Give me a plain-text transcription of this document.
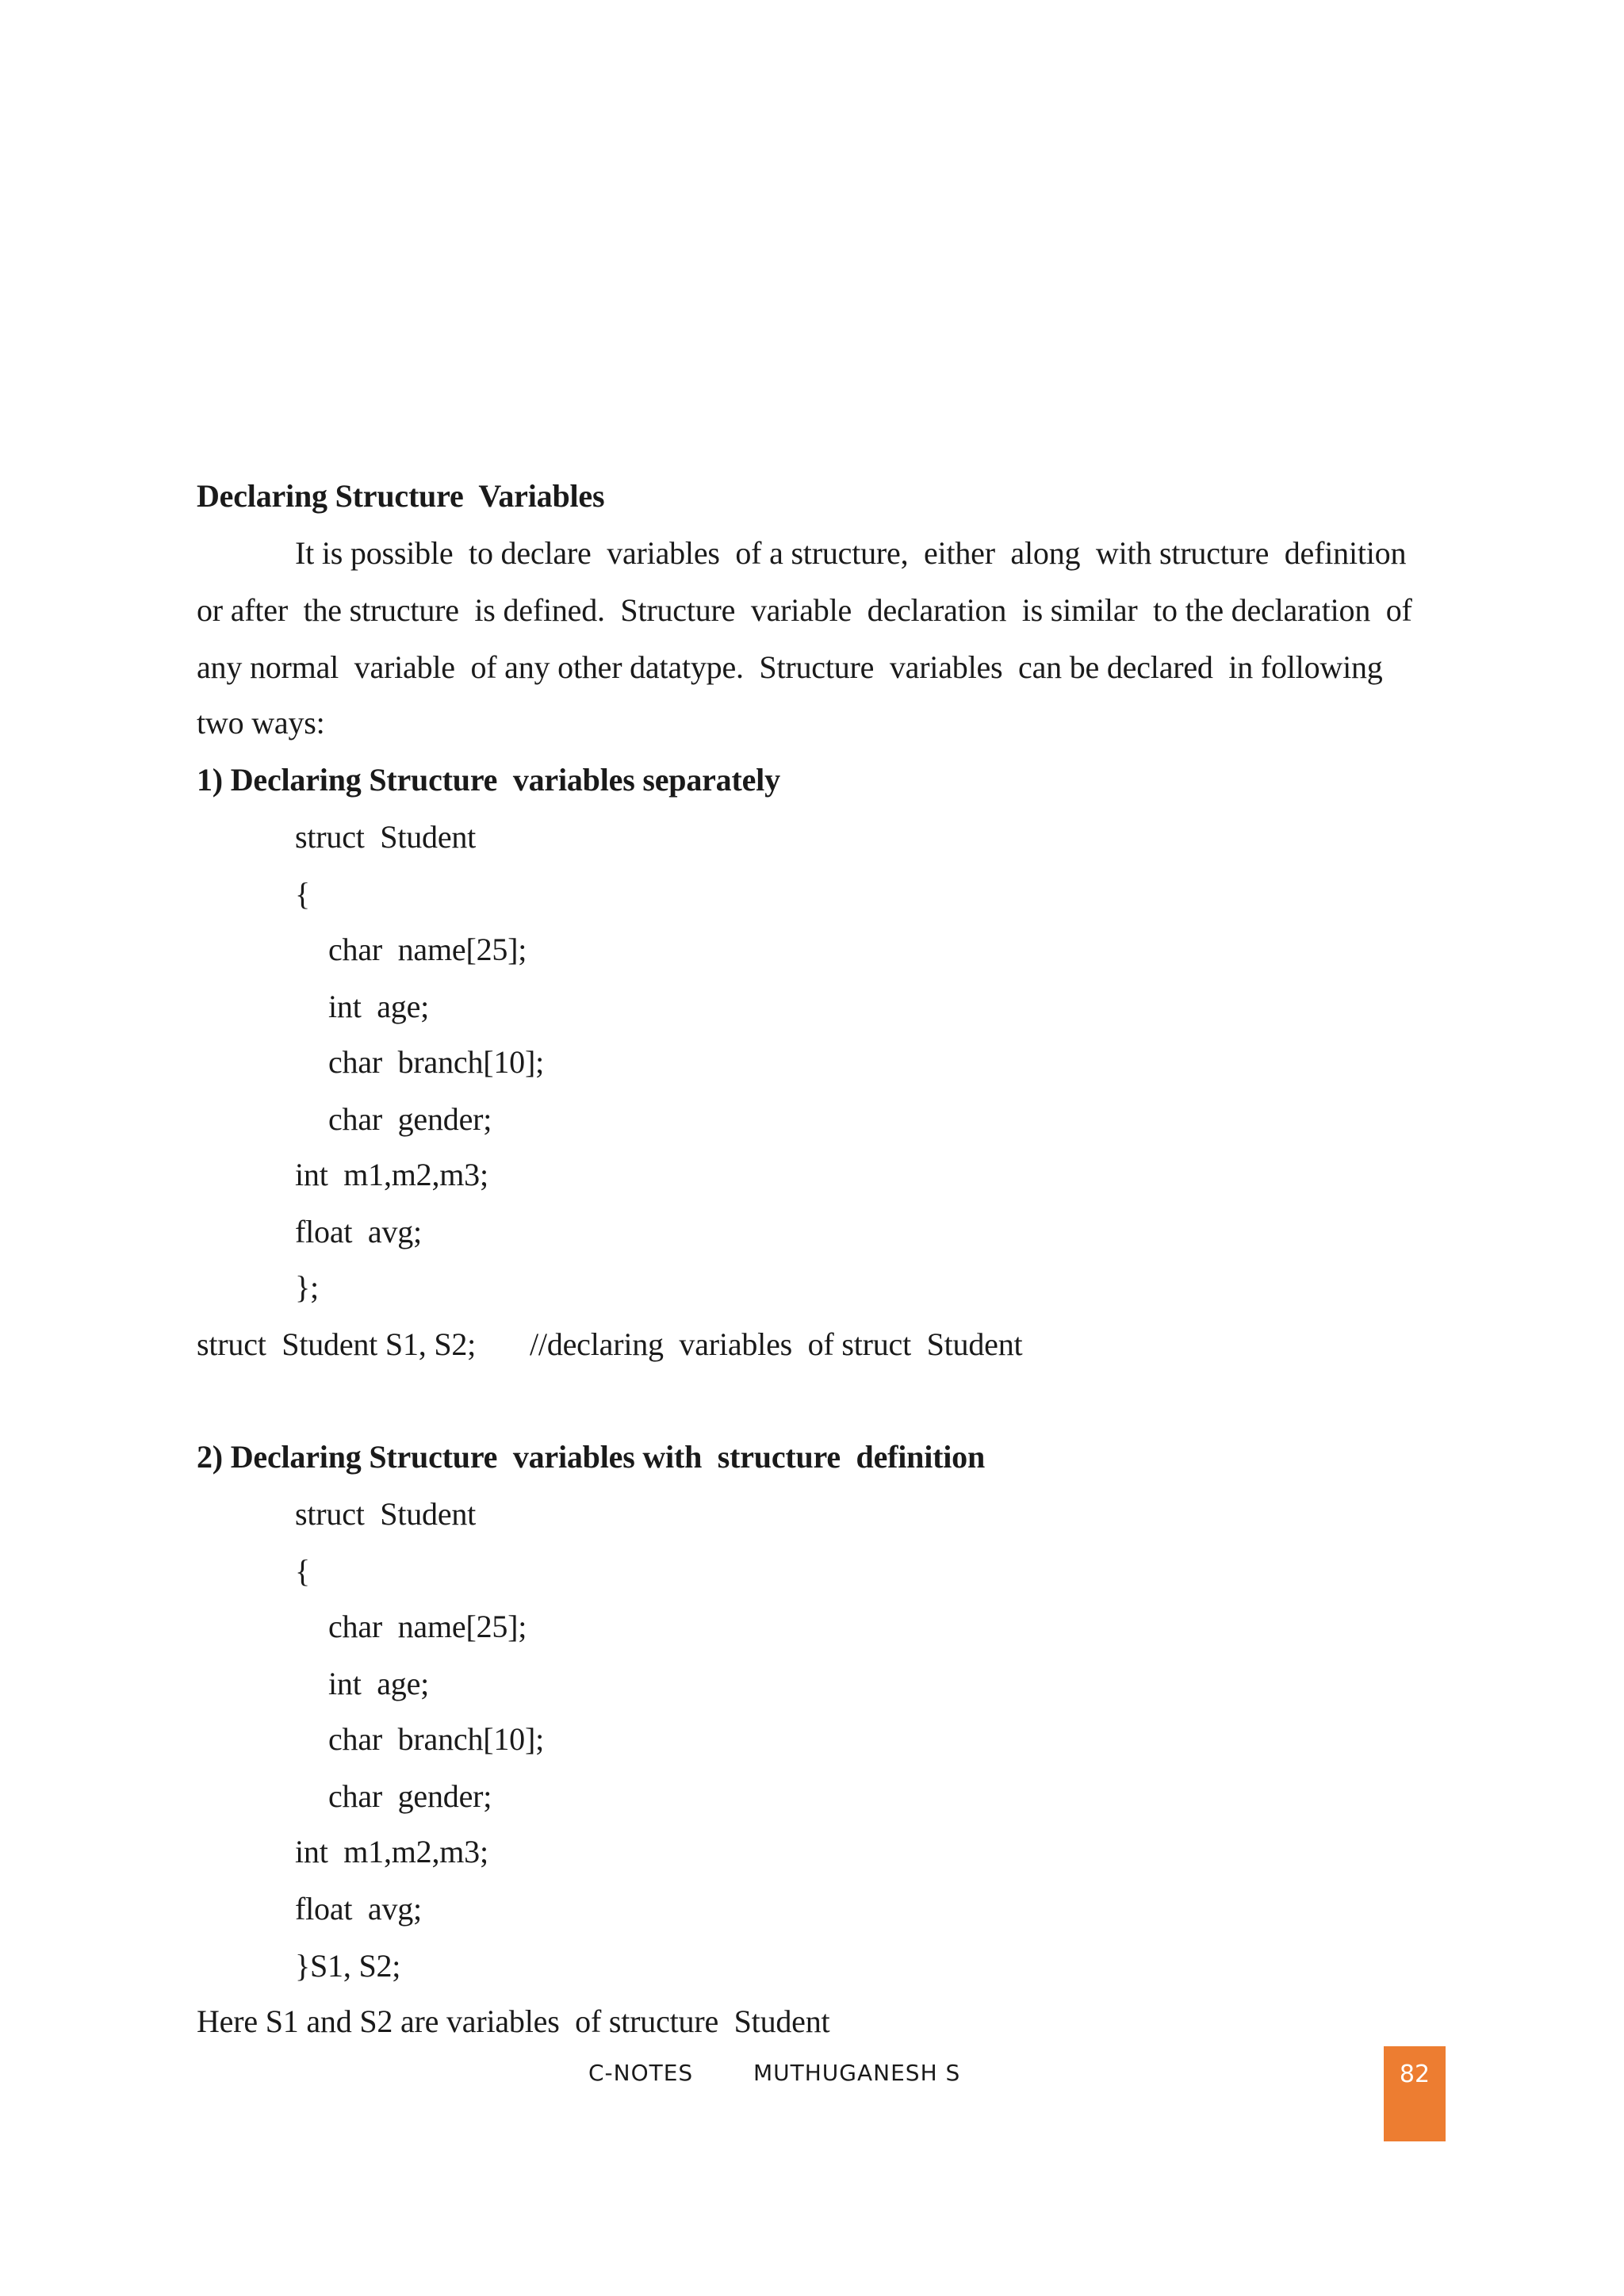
Declaring Structure  Variables
It is possible  to declare  variables  of a structure,  either  along  with structure  definition
or after  the structure  is defined.  Structure  variable  declaration  is similar  to the declaration  of
any normal  variable  of any other datatype.  Structure  variables  can be declared  in following
two ways:
1) Declaring Structure  variables separately
struct  Student
{
char  name[25];
int  age;
char  branch[10];
char  gender;
int  m1,m2,m3;
float  avg;
};
struct  Student S1, S2; //declaring  variables  of struct  Student
2) Declaring Structure  variables with  structure  definition
struct  Student
{
char  name[25];
int  age;
char  branch[10];
char  gender;
int  m1,m2,m3;
float  avg;
}S1, S2;
Here S1 and S2 are variables  of structure  Student
C-NOTES	MUTHUGANESH S	82
